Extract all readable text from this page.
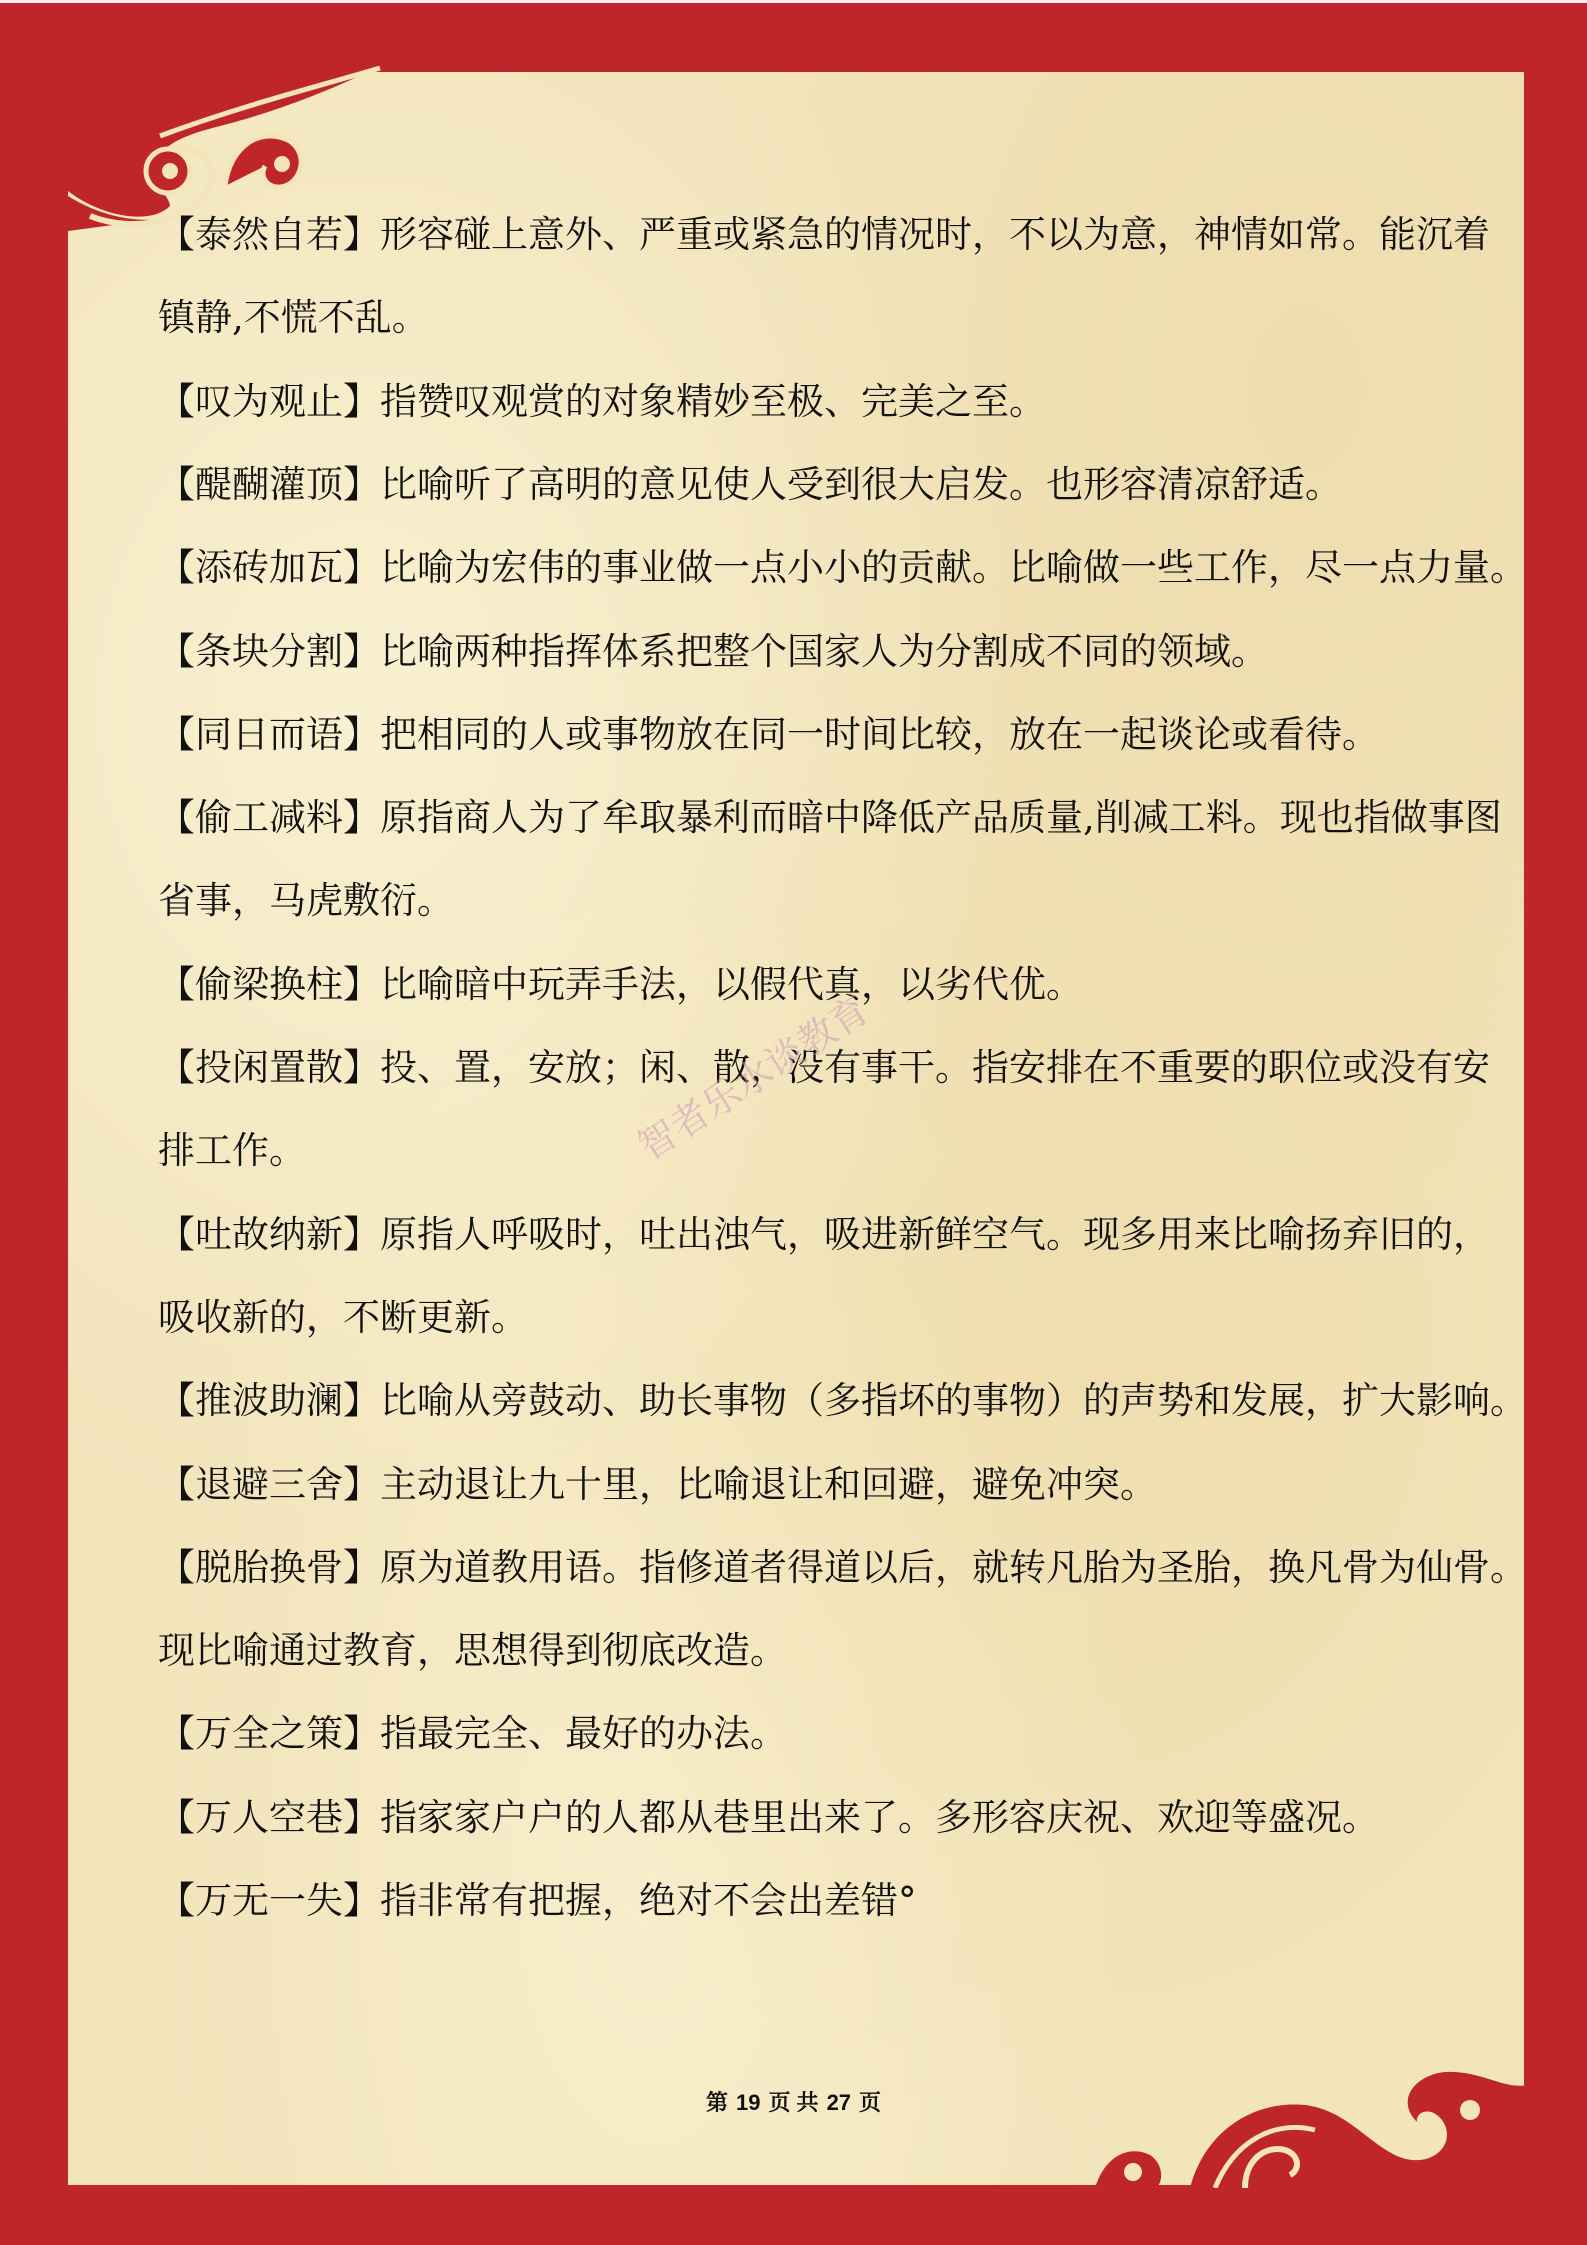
【泰然自若】形容碰上意外、严重或紧急的情况时，不以为意，神情如常。能沉着
镇静,不慌不乱。
【叹为观止】指赞叹观赏的对象精妙至极、完美之至。
【醍醐灌顶】比喻听了高明的意见使人受到很大启发。也形容清凉舒适。
【添砖加瓦】比喻为宏伟的事业做一点小小的贡献。比喻做一些工作，尽一点力量。
【条块分割】比喻两种指挥体系把整个国家人为分割成不同的领域。
【同日而语】把相同的人或事物放在同一时间比较，放在一起谈论或看待。
【偷工减料】原指商人为了牟取暴利而暗中降低产品质量,削减工料。现也指做事图
省事，马虎敷衍。
【偷梁换柱】比喻暗中玩弄手法，以假代真，以劣代优。
【投闲置散】投、置，安放；闲、散，没有事干。指安排在不重要的职位或没有安
排工作。
【吐故纳新】原指人呼吸时，吐出浊气，吸进新鲜空气。现多用来比喻扬弃旧的，
吸收新的，不断更新。
【推波助澜】比喻从旁鼓动、助长事物（多指坏的事物）的声势和发展，扩大影响。
【退避三舍】主动退让九十里，比喻退让和回避，避免冲突。
【脱胎换骨】原为道教用语。指修道者得道以后，就转凡胎为圣胎，换凡骨为仙骨。
现比喻通过教育，思想得到彻底改造。
【万全之策】指最完全、最好的办法。
【万人空巷】指家家户户的人都从巷里出来了。多形容庆祝、欢迎等盛况。
【万无一失】指非常有把握，绝对不会出差错°
智者乐水谈教育
第 19 页 共 27 页
